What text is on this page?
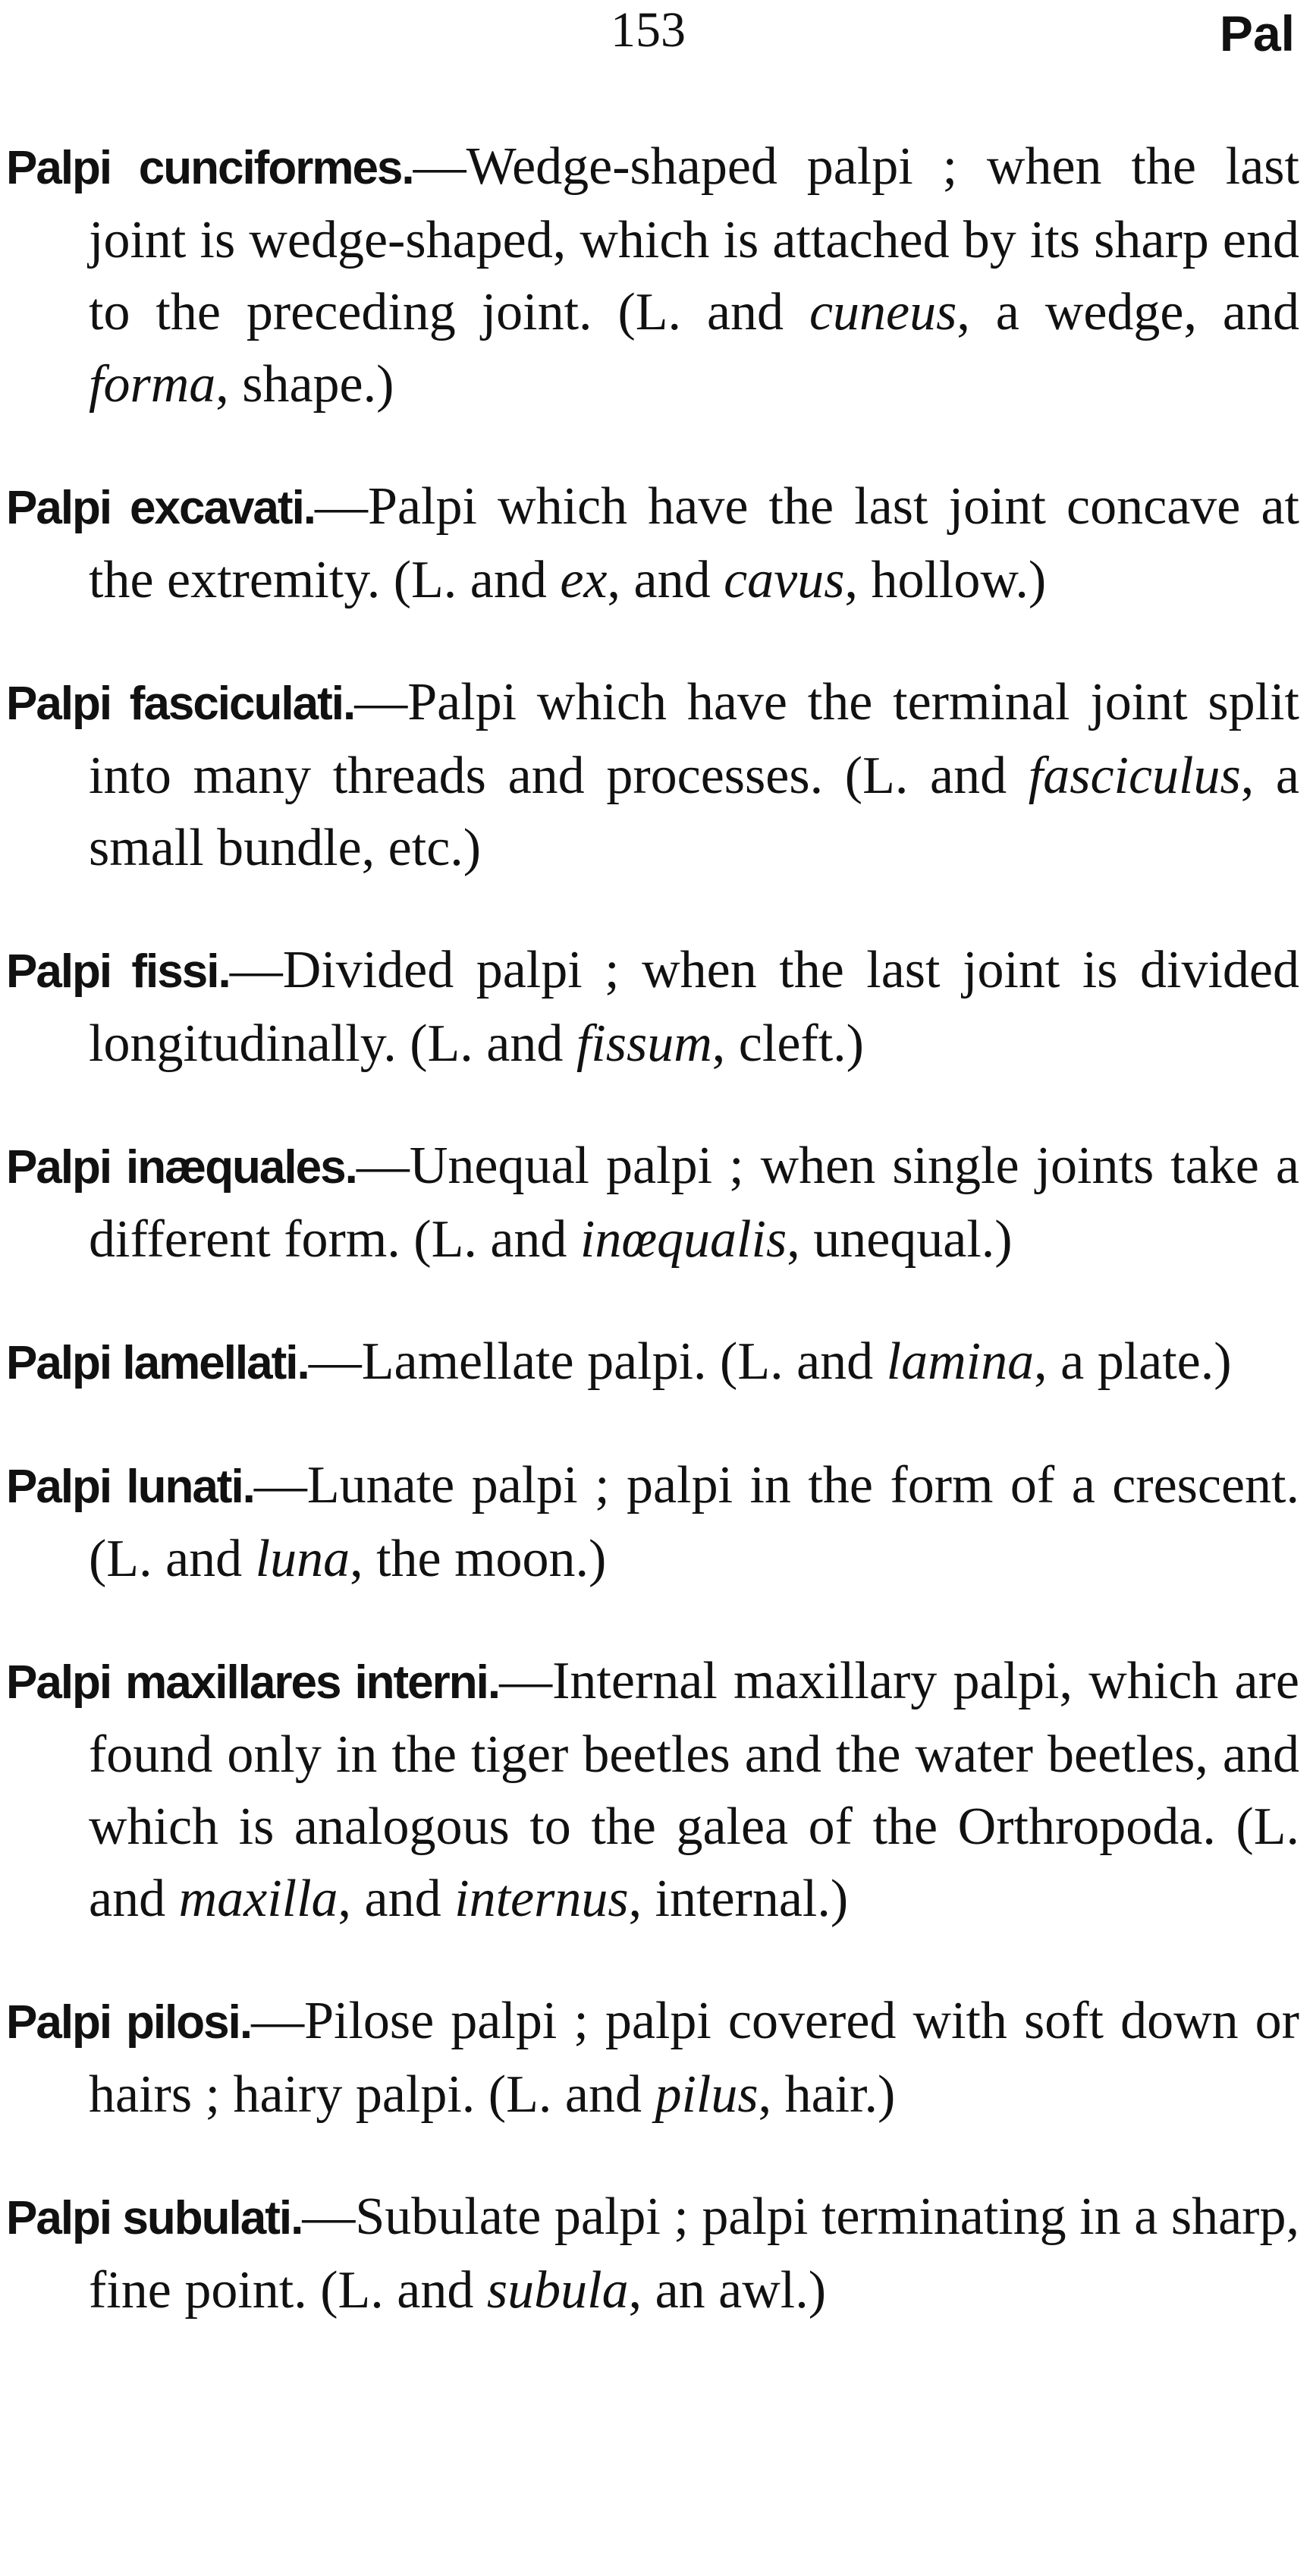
153	Pal

Palpi cunciformes.—Wedge-shaped palpi ; when the last joint is wedge-shaped, which is attached by its sharp end to the preceding joint. (L. and cuneus, a wedge, and forma, shape.)

Palpi excavati.—Palpi which have the last joint concave at the extremity. (L. and ex, and cavus, hollow.)

Palpi fasciculati.—Palpi which have the terminal joint split into many threads and processes. (L. and fasciculus, a small bundle, etc.)

Palpi fissi.—Divided palpi ; when the last joint is divided longitudinally. (L. and fissum, cleft.)

Palpi inæquales.—Unequal palpi ; when single joints take a different form. (L. and inœqualis, unequal.)

Palpi lamellati.—Lamellate palpi. (L. and lamina, a plate.)

Palpi lunati.—Lunate palpi ; palpi in the form of a crescent. (L. and luna, the moon.)

Palpi maxillares interni.—Internal maxillary palpi, which are found only in the tiger beetles and the water beetles, and which is analogous to the galea of the Orthropoda. (L. and maxilla, and internus, internal.)

Palpi pilosi.—Pilose palpi ; palpi covered with soft down or hairs ; hairy palpi. (L. and pilus, hair.)

Palpi subulati.—Subulate palpi ; palpi terminating in a sharp, fine point. (L. and subula, an awl.)
